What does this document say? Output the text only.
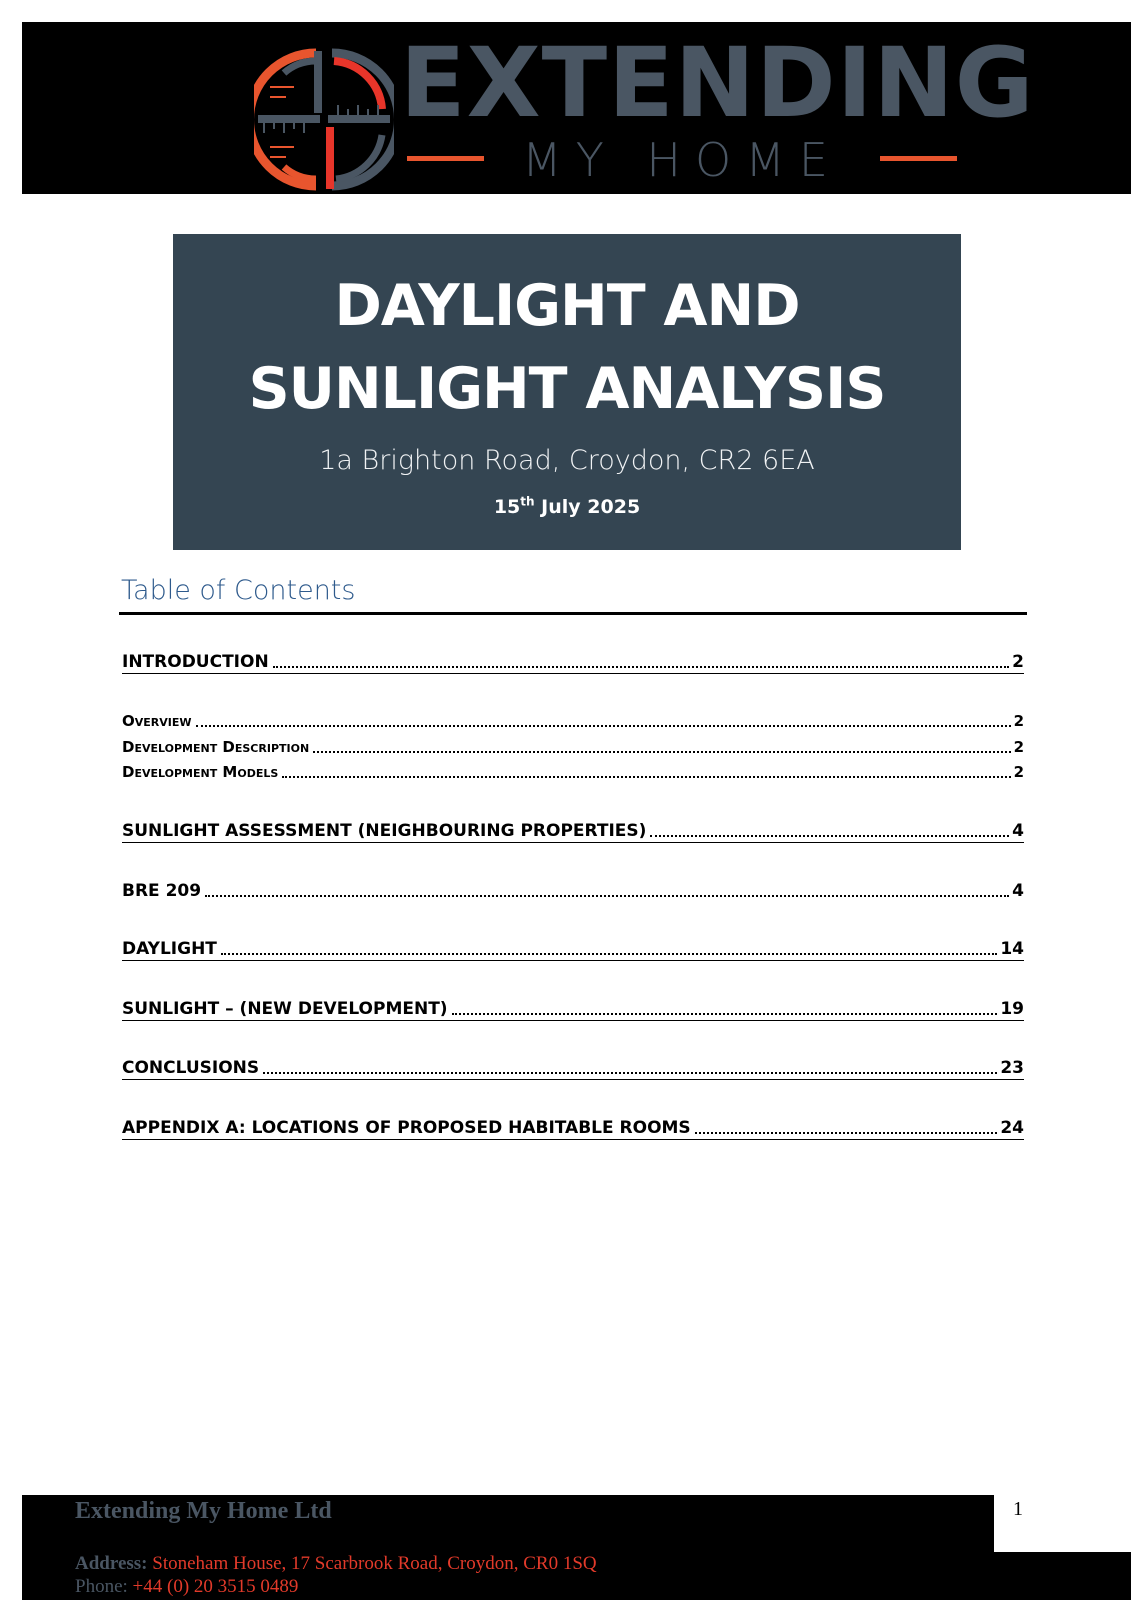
EXTENDING
MY HOME
DAYLIGHT AND
SUNLIGHT ANALYSIS
1a Brighton Road, Croydon, CR2 6EA
15th July 2025
Table of Contents
INTRODUCTION	2
Overview	2
Development Description	2
Development Models	2
SUNLIGHT ASSESSMENT (NEIGHBOURING PROPERTIES)	4
BRE 209	4
DAYLIGHT	14
SUNLIGHT – (NEW DEVELOPMENT)	19
CONCLUSIONS	23
APPENDIX A: LOCATIONS OF PROPOSED HABITABLE ROOMS	24
1
Extending My Home Ltd
Address: Stoneham House, 17 Scarbrook Road, Croydon, CR0 1SQ
Phone: +44 (0) 20 3515 0489
